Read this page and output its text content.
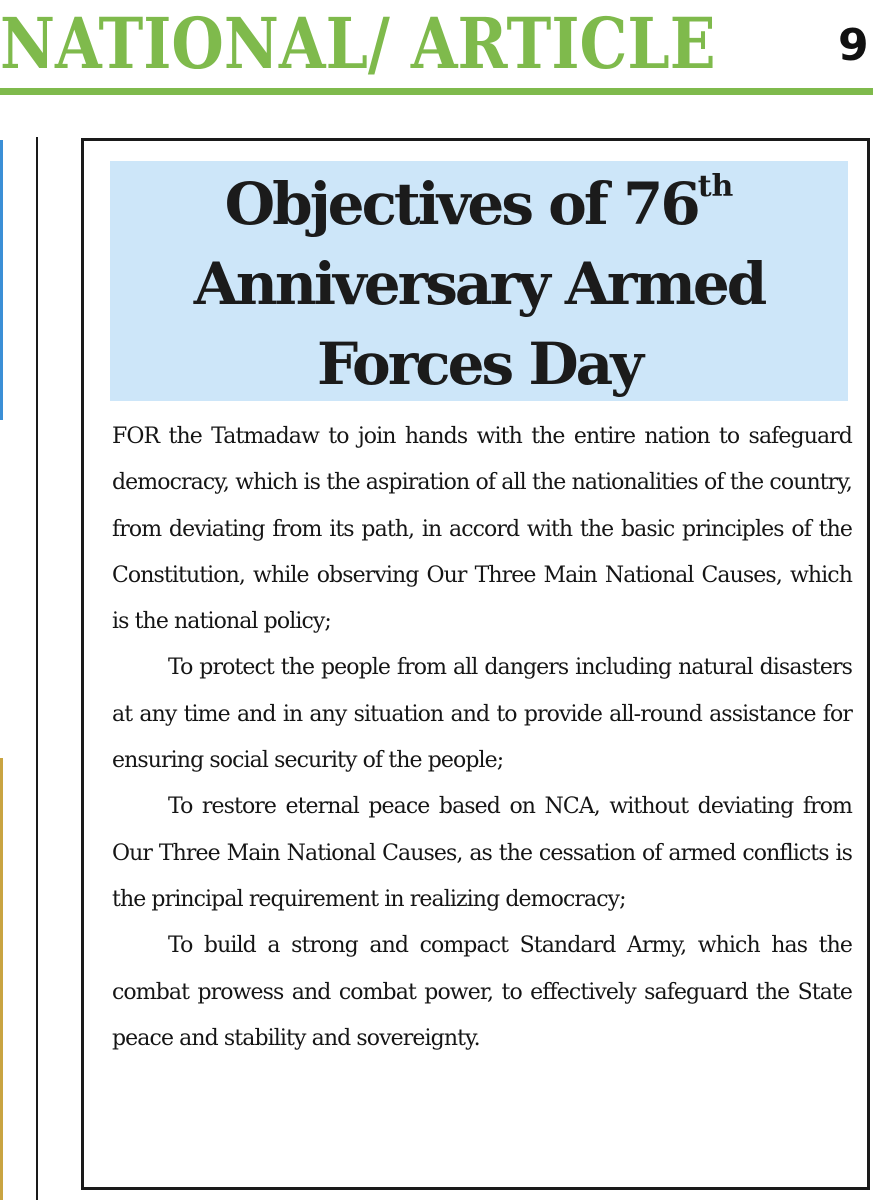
NATIONAL/ ARTICLE	9
Objectives of 76th
Anniversary Armed
Forces Day

FOR the Tatmadaw to join hands with the entire nation to safeguard democracy, which is the aspiration of all the nationalities of the country, from deviating from its path, in accord with the basic principles of the Constitution, while observing Our Three Main National Causes, which is the national policy;

To protect the people from all dangers including natural disasters at any time and in any situation and to provide all-round assistance for ensuring social security of the people;

To restore eternal peace based on NCA, without deviating from Our Three Main National Causes, as the cessation of armed conflicts is the principal requirement in realizing democracy;

To build a strong and compact Standard Army, which has the combat prowess and combat power, to effectively safeguard the State peace and stability and sovereignty.
